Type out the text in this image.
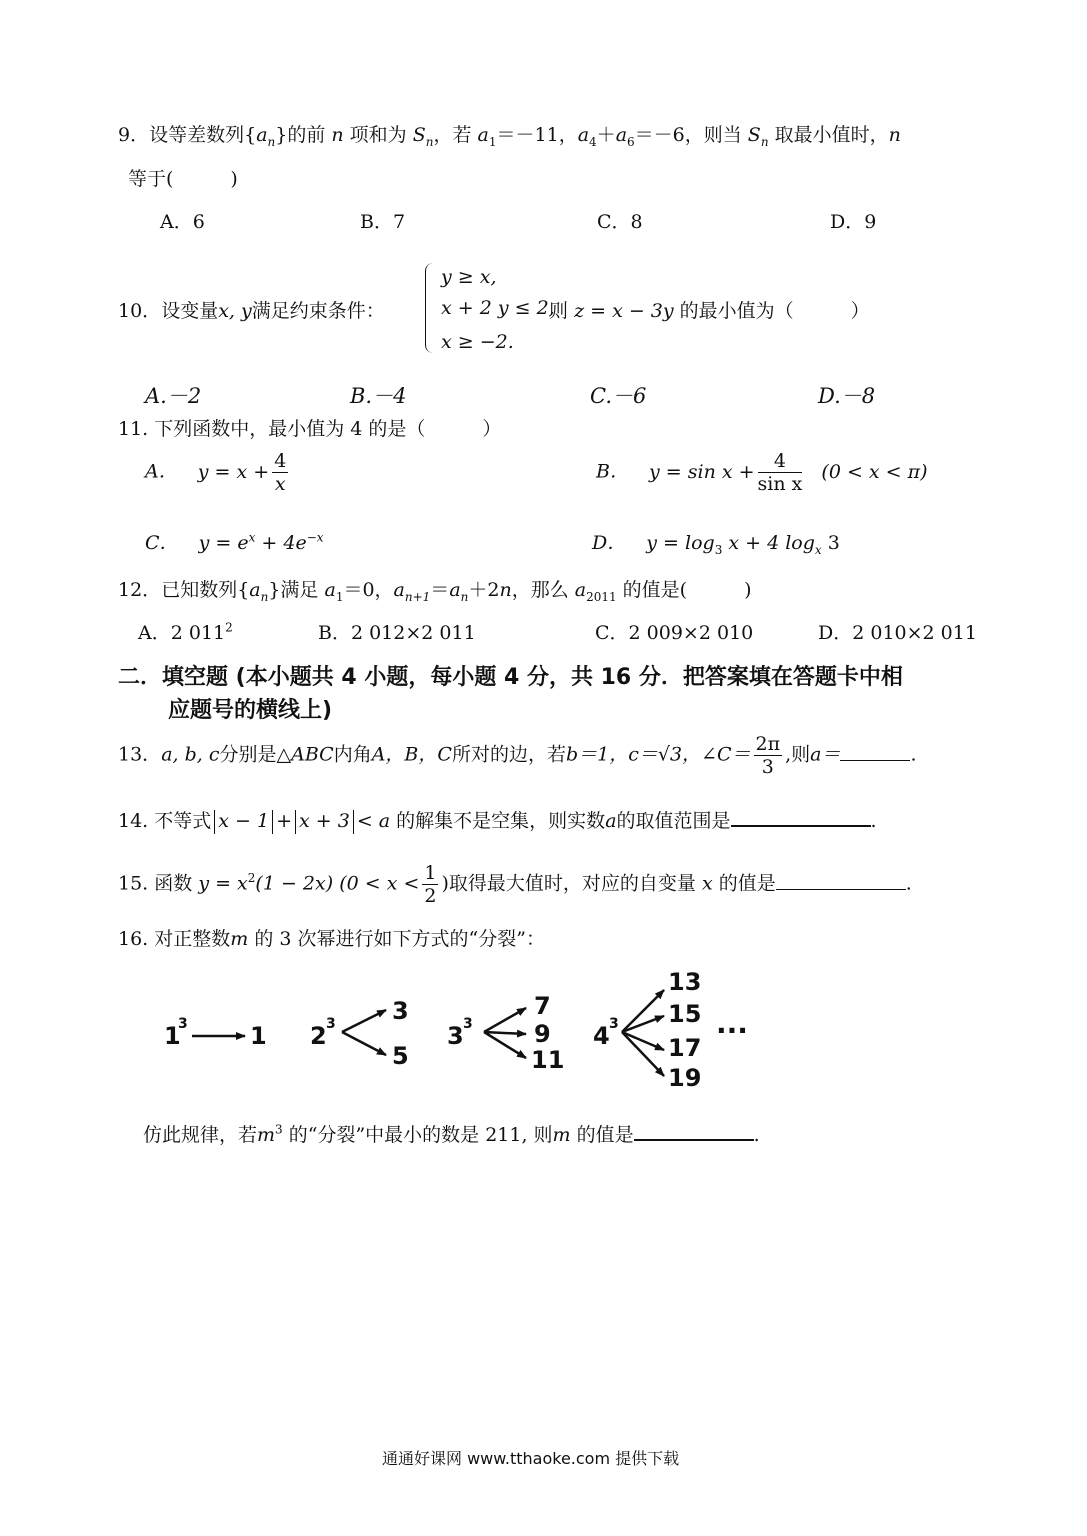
9．设等差数列$\{a_n\}$的前 n 项和为 $S_n$，若 $a_1=-11$，$a_4+a_6=-6$，则当 $S_n$ 取最小值时，n
等于(　　　)
A．6	B．7	C．8	D．9
10．设变量x, y满足约束条件：
y ≥ x,
x + 2 y ≤ 2,
x ≥ −2.
则 z = x − 3y 的最小值为（　　　）
A.－2	B.－4	C.－6	D.－8
11. 下列函数中，最小值为 4 的是（　　　）
A． $y = x + \frac{4}{x}$	B． $y = \sin x + \frac{4}{\text{sin x}} (0 < x < \pi)$
C． $y = e^x + 4e^{-x}$	D． $y = \log_3 x + 4$ $\log_x 3$
12．已知数列$\{a_n\}$满足 $a_1=0$，$a_{n+1}=a_n+2n$，那么 $a_{2011}$ 的值是(　　　)
A．2 $011^2$	B．2 012×2 011	C．2 009×2 010	D．2 010×2 011
二．填空题 (本小题共 4 小题，每小题 4 分，共 16 分．把答案填在答题卡中相
应题号的横线上)
13．a, b, c分别是△ABC内角A，B，C所对的边，若b＝1，c＝√3，∠C＝ $\frac{2\pi}{3}$ ,则a＝	.
14. 不等式 x − 1 + x + 3 < a 的解集不是空集，则实数a的取值范围是	.
15. 函数 $y = x^2(1 - 2x) (0 < x < \frac{1}{2}$ )取得最大值时，对应的自变量 x 的值是	.
16. 对正整数m 的 3 次幂进行如下方式的“分裂”：
1
3	1 2 3 3
5
3 3
7
9
11
4 3
13
15
17
19
···
仿此规律，若$m^3$ 的“分裂”中最小的数是 211, 则m 的值是	.
通通好课网 www.tthaoke.com 提供下载
